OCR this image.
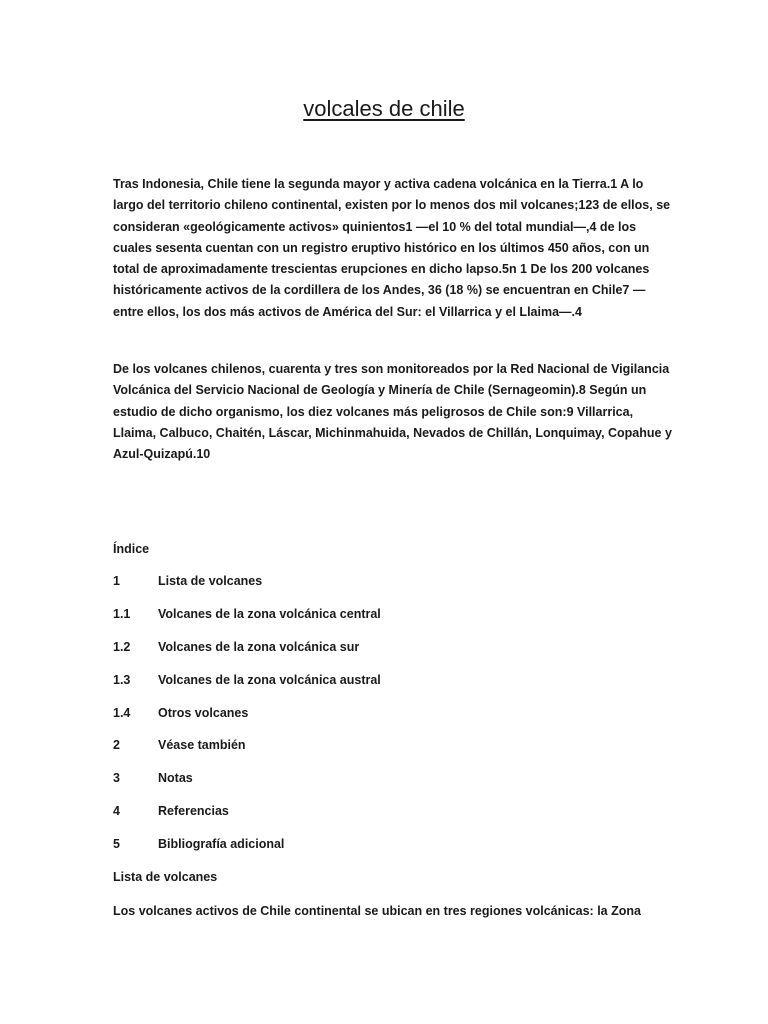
volcales de chile

Tras Indonesia, Chile tiene la segunda mayor y activa cadena volcánica en la Tierra.1 A lo largo del territorio chileno continental, existen por lo menos dos mil volcanes;123 de ellos, se consideran «geológicamente activos» quinientos1 —el 10 % del total mundial—,4 de los cuales sesenta cuentan con un registro eruptivo histórico en los últimos 450 años, con un total de aproximadamente trescientas erupciones en dicho lapso.5n 1 De los 200 volcanes históricamente activos de la cordillera de los Andes, 36 (18 %) se encuentran en Chile7 —entre ellos, los dos más activos de América del Sur: el Villarrica y el Llaima—.4

De los volcanes chilenos, cuarenta y tres son monitoreados por la Red Nacional de Vigilancia Volcánica del Servicio Nacional de Geología y Minería de Chile (Sernageomin).8 Según un estudio de dicho organismo, los diez volcanes más peligrosos de Chile son:9 Villarrica, Llaima, Calbuco, Chaitén, Láscar, Michinmahuida, Nevados de Chillán, Lonquimay, Copahue y Azul-Quizapú.10

Índice

1	Lista de volcanes
1.1 Volcanes de la zona volcánica central
1.2 Volcanes de la zona volcánica sur
1.3 Volcanes de la zona volcánica austral
1.4 Otros volcanes
2	Véase también
3	Notas
4	Referencias
5	Bibliografía adicional

Lista de volcanes

Los volcanes activos de Chile continental se ubican en tres regiones volcánicas: la Zona
